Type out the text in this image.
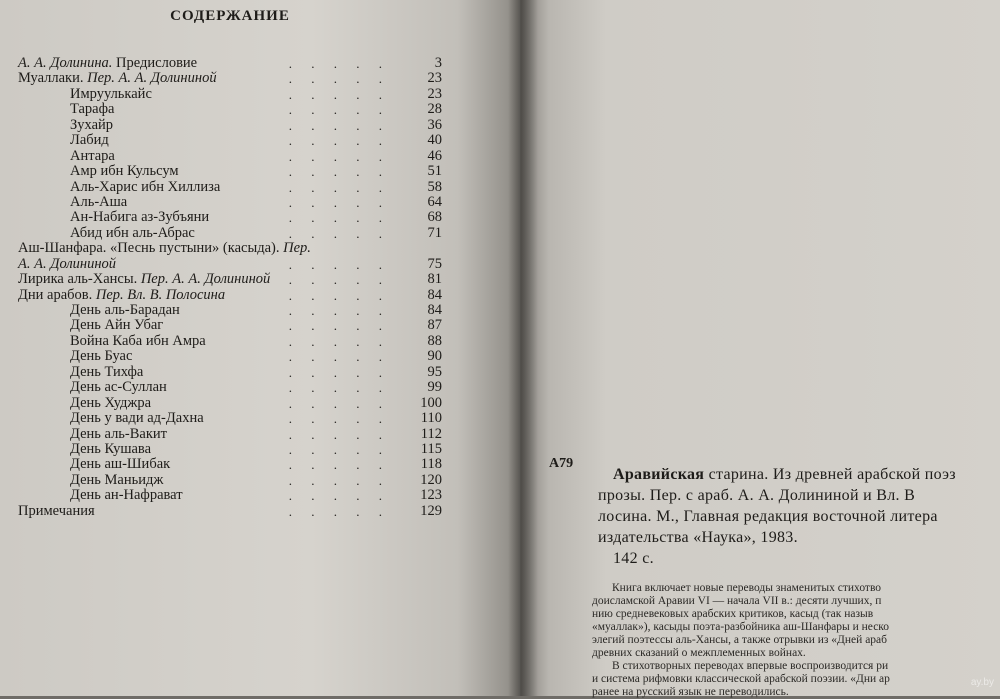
СОДЕРЖАНИЕ
А. А. Долинина. Предисловие	. . . . .	3
Муаллаки. Пер. А. А. Долининой	. . . . .	23
Имруулькайс	. . . . .	23
Тарафа	. . . . .	28
Зухайр	. . . . .	36
Лабид	. . . . .	40
Антара	. . . . .	46
Амр ибн Кульсум	. . . . .	51
Аль-Харис ибн Хиллиза	. . . . .	58
Аль-Аша	. . . . .	64
Ан-Набига аз-Зубъяни	. . . . .	68
Абид ибн аль-Абрас	. . . . .	71
Аш-Шанфара. «Песнь пустыни» (касыда). Пер.
А. А. Долининой	. . . . .	75
Лирика аль-Хансы. Пер. А. А. Долининой . . . . .	81
Дни арабов. Пер. Вл. В. Полосина	. . . . .	84
День аль-Барадан	. . . . .	84
День Айн Убаг	. . . . .	87
Война Каба ибн Амра	. . . . .	88
День Буас	. . . . .	90
День Тихфа	. . . . .	95
День ас-Суллан	. . . . .	99
День Худжра	. . . . . 100
День у вади ад-Дахна	. . . . . 110
День аль-Вакит	. . . . . 112
День Кушава	. . . . . 115
День аш-Шибак	. . . . . 118
День Маньидж	. . . . . 120
День ан-Нафрават	. . . . . 123
Примечания	. . . . . 129
А79
Аравийская старина. Из древней арабской поэз
прозы. Пер. с араб. А. А. Долининой и Вл. В
лосина. М., Главная редакция восточной литера
издательства «Наука», 1983.
142 с.
Книга включает новые переводы знаменитых стихотво
доисламской Аравии VI — начала VII в.: десяти лучших, п
нию средневековых арабских критиков, касыд (так назыв
«муаллак»), касыды поэта-разбойника аш-Шанфары и неско
элегий поэтессы аль-Хансы, а также отрывки из «Дней араб
древних сказаний о межплеменных войнах.
В стихотворных переводах впервые воспроизводится ри
и система рифмовки классической арабской поэзии. «Дни ар
ранее на русский язык не переводились.
ay.by
